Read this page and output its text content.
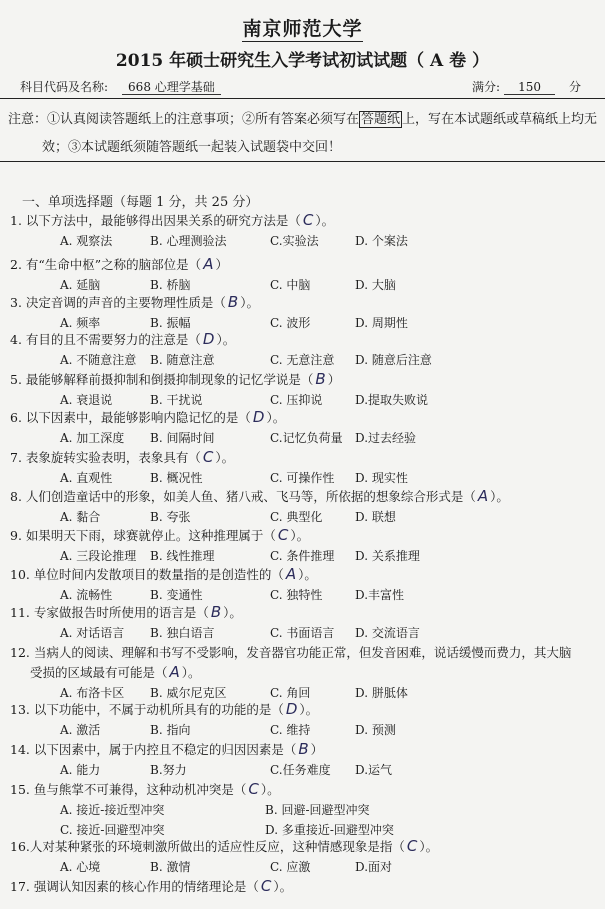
南京师范大学
2015 年硕士研究生入学考试初试试题（ A 卷 ）
科目代码及名称: 668 心理学基础	满分: 150 分
注意：①认真阅读答题纸上的注意事项；②所有答案必须写在 答题纸 上，写在本试题纸或草稿纸上均无
效；③本试题纸须随答题纸一起装入试题袋中交回！
一、单项选择题（每题 1 分，共 25 分）
1. 以下方法中，最能够得出因果关系的研究方法是（ C ）。
A. 观察法	B. 心理测验法	C.实验法	D. 个案法
2. 有“生命中枢”之称的脑部位是（ A ）
A. 延脑	B. 桥脑	C. 中脑	D. 大脑
3. 决定音调的声音的主要物理性质是（ B ）。
A. 频率	B. 振幅	C. 波形	D. 周期性
4. 有目的且不需要努力的注意是（ D ）。
A. 不随意注意 B. 随意注意	C. 无意注意 D. 随意后注意
5. 最能够解释前摄抑制和倒摄抑制现象的记忆学说是（ B ）
A. 衰退说	B. 干扰说	C. 压抑说	D.提取失败说
6. 以下因素中，最能够影响内隐记忆的是（ D ）。
A. 加工深度 B. 间隔时间	C.记忆负荷量 D.过去经验
7. 表象旋转实验表明，表象具有（ C ）。
A. 直观性	B. 概况性	C. 可操作性 D. 现实性
8. 人们创造童话中的形象，如美人鱼、猪八戒、飞马等，所依据的想象综合形式是（ A ）。
A. 黏合	B. 夸张	C. 典型化	D. 联想
9. 如果明天下雨，球赛就停止。这种推理属于（ C ）。
A. 三段论推理 B. 线性推理	C. 条件推理 D. 关系推理
10. 单位时间内发散项目的数量指的是创造性的（ A ）。
A. 流畅性	B. 变通性	C. 独特性	D.丰富性
11. 专家做报告时所使用的语言是（ B ）。
A. 对话语言 B. 独白语言	C. 书面语言 D. 交流语言
12. 当病人的阅读、理解和书写不受影响，发音器官功能正常，但发音困难，说话缓慢而费力，其大脑
受损的区域最有可能是（ A ）。
A. 布洛卡区 B. 威尔尼克区	C. 角回	D. 胼胝体
13. 以下功能中，不属于动机所具有的功能的是（ D ）。
A. 激活	B. 指向	C. 维持	D. 预测
14. 以下因素中，属于内控且不稳定的归因因素是（ B ）
A. 能力	B.努力	C.任务难度 D.运气
15. 鱼与熊掌不可兼得，这种动机冲突是（ C ）。
A. 接近-接近型冲突	B. 回避-回避型冲突
C. 接近-回避型冲突	D. 多重接近-回避型冲突
16.人对某种紧张的环境刺激所做出的适应性反应，这种情感现象是指（ C ）。
A. 心境	B. 激情	C. 应激	D.面对
17. 强调认知因素的核心作用的情绪理论是（ C ）。
